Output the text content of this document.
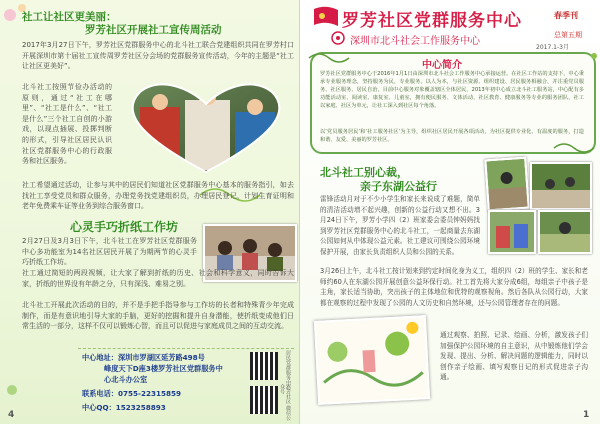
社工让社区更美丽：
罗芳社区开展社工宣传周活动
2017年3月27日下午，罗芳社区党群服务中心的北斗社工联合党建组织共同在罗芳村口开展深圳市第十届社工宣传周罗芳社区分会场的党群服务宣传活动，今年的主题是“社工让社区更美好”。
北斗社工按照节俭办活动的原则，通过“社工在哪里”、“社工是什么”、“社工是什么”三个社工自创的小游戏，以现点插展、投掷判断的形式，引导社区居民认识社区党群服务中心的行政服务和社区服务。
社工希望通过活动，让参与其中的居民们知道社区党群服务中心基本的服务指引，如去找社工享受党员和群众服务，办理党务找党建组织员，办理居民登记，计划生育证明和老年免费乘车证等业务到综合服务窗口。
心灵手巧折纸工作坊
2月27日及3月3日下午，北斗社工在罗芳社区党群服务中心多功能室为14名社区居民开展了为期两节的心灵手巧折纸工作坊。
社工通过简短的两段视频，让大家了解到折纸的历史、社会和科学意义，同时告诉大家，折纸的世界没有年龄之分，只有深浅、难易之别。
北斗社工开展此次活动的目的，并不是手把手指导参与工作坊的长者和特殊青少年完成制作，而是有意识地引导大家的手脑，更好的挖掘和提升自身潜能，使折纸变成他们日常生活的一部分，这样不仅可以锻炼心智，而且可以促进与家庭成员之间的互动交流。
中心地址：深圳市罗湖区延芳路498号
峰度天下D座3楼罗芳社区党群服务中
心北斗办公室
联系电话：0755-22315859
中心QQ：1523258893
居民党群服务中心
罗芳社区 微信公众号
4
罗芳社区党群服务中心	春季刊
总第五期
深圳市北斗社会工作服务中心
2017.1-3月
中心简介
罗芳社区党群服务中心于2016年1月1日由深圳市北斗社会工作服务中心承接运营。在社区工作站的支持下，中心秉承专业服务理念，坚持服务为民，专业服务，以人为本，与社区资源、组织建设、居民服务相融合，并注重党员服务、社区服务、居民自治，目前中心服务对象覆盖辖区全体居民，2013年初中心成立北斗社工服务站，中心配有多功能活动室、阅读室、康复室、儿童室，拥有便民服务、文体活动、社区教育、健康服务等专业的服务团队，社工以家庭、社区为单元，让社工深入到社区每个角落。
以‘党员服务居民’和‘社工服务社区’为主导，组织社区居民开展各项活动，为社区提供专业化、有温度的服务，打造和谐、友爱、美丽的罗芳社区。
北斗社工别心裁，
亲子东湖公益行
雷锋活动月对于不少小学生和家长来说成了难题，简单的清洁活动增不起兴趣，创新的公益行动又想不出。3月24日下午，罗芳小学四（2）班家委会委员钟妈妈找到罗芳社区党群服务中心的北斗社工，一起商量去东湖公园如何从中体现公益元素。社工建议可围绕公园环境保护开展，由家长负责组织人员和公园的关系。
3月26日上午，北斗社工按计划来到约定时间化身为义工，组织四（2）班的学生、家长和老师约60人在东湖公园开展创意公益环保行动。社工首先将大家分成6组，每组亲子中孩子是主角，家长适当协助，突出孩子的主体地位和优特的观察视角。然后各队从公园行动，大家都在观察的过程中发现了公园的人文历史和自然环境，还与公园管理者存在的问题。
通过观察、拍照、记录、绘画、分析，激发孩子们加强保护公园环境的自主意识，从中锻炼他们学会发现、提出、分析、解决问题的逻辑能力，同时以创作亲子绘画、填写观察日记的形式促进亲子沟通。
1
